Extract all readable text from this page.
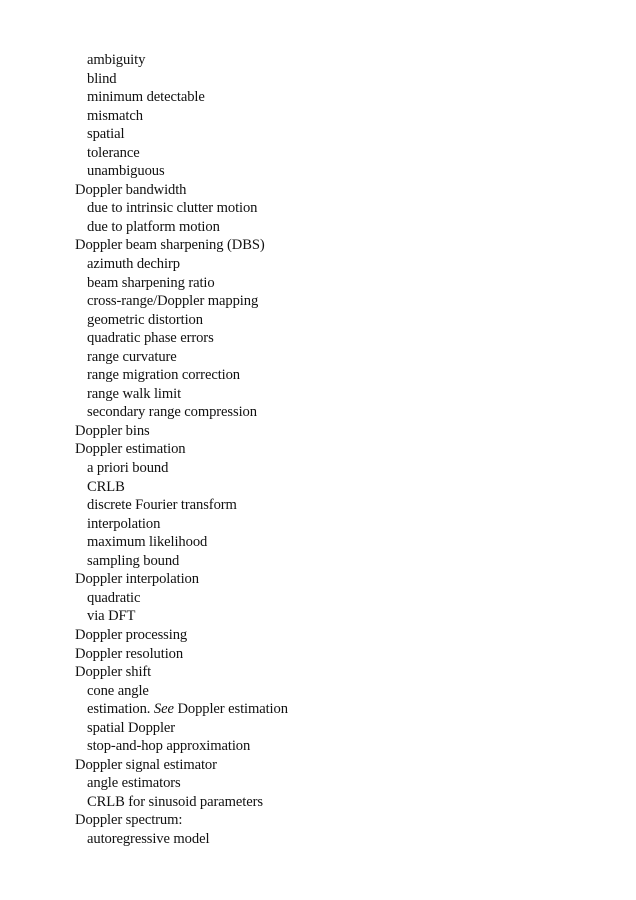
ambiguity
blind
minimum detectable
mismatch
spatial
tolerance
unambiguous
Doppler bandwidth
due to intrinsic clutter motion
due to platform motion
Doppler beam sharpening (DBS)
azimuth dechirp
beam sharpening ratio
cross-range/Doppler mapping
geometric distortion
quadratic phase errors
range curvature
range migration correction
range walk limit
secondary range compression
Doppler bins
Doppler estimation
a priori bound
CRLB
discrete Fourier transform
interpolation
maximum likelihood
sampling bound
Doppler interpolation
quadratic
via DFT
Doppler processing
Doppler resolution
Doppler shift
cone angle
estimation. See Doppler estimation
spatial Doppler
stop-and-hop approximation
Doppler signal estimator
angle estimators
CRLB for sinusoid parameters
Doppler spectrum:
autoregressive model
